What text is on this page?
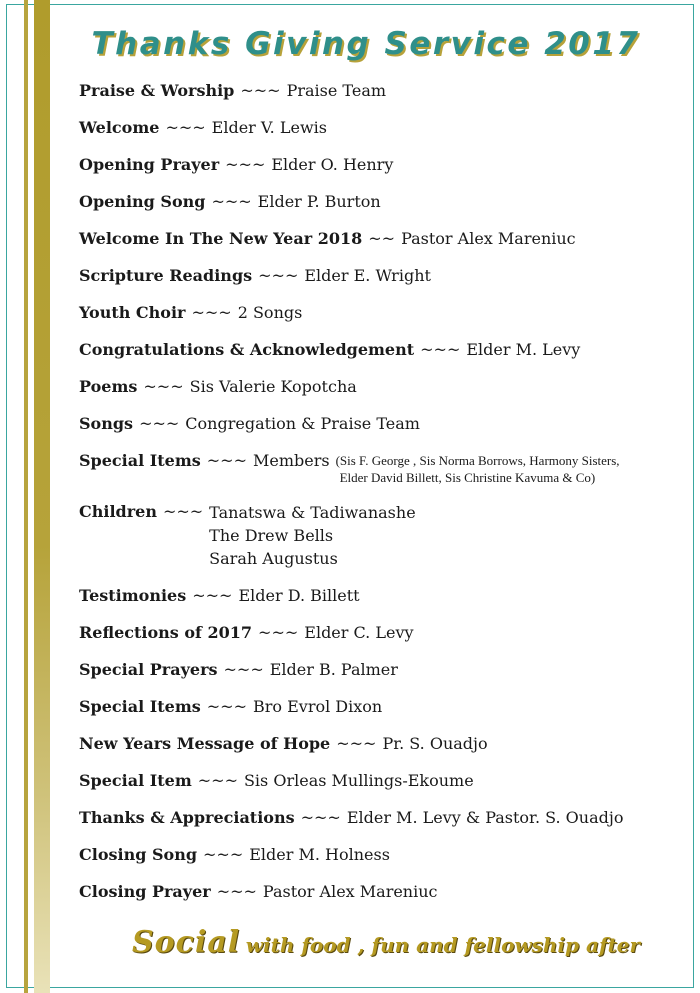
Thanks Giving Service 2017
Praise & Worship ~~~ Praise Team
Welcome ~~~ Elder V. Lewis
Opening Prayer ~~~ Elder O. Henry
Opening Song ~~~ Elder P. Burton
Welcome In The New Year 2018 ~~ Pastor Alex Mareniuc
Scripture Readings ~~~ Elder E. Wright
Youth Choir ~~~ 2 Songs
Congratulations & Acknowledgement ~~~ Elder M. Levy
Poems ~~~ Sis Valerie Kopotcha
Songs ~~~ Congregation & Praise Team
Special Items ~~~ Members (Sis F. George , Sis Norma Borrows, Harmony Sisters,
Elder David Billett, Sis Christine Kavuma & Co)
Children ~~~ Tanatswa & Tadiwanashe
The Drew Bells
Sarah Augustus
Testimonies ~~~ Elder D. Billett
Reflections of 2017 ~~~ Elder C. Levy
Special Prayers ~~~ Elder B. Palmer
Special Items ~~~ Bro Evrol Dixon
New Years Message of Hope ~~~ Pr. S. Ouadjo
Special Item ~~~ Sis Orleas Mullings-Ekoume
Thanks & Appreciations ~~~ Elder M. Levy & Pastor. S. Ouadjo
Closing Song ~~~ Elder M. Holness
Closing Prayer ~~~ Pastor Alex Mareniuc
Social with food , fun and fellowship after
